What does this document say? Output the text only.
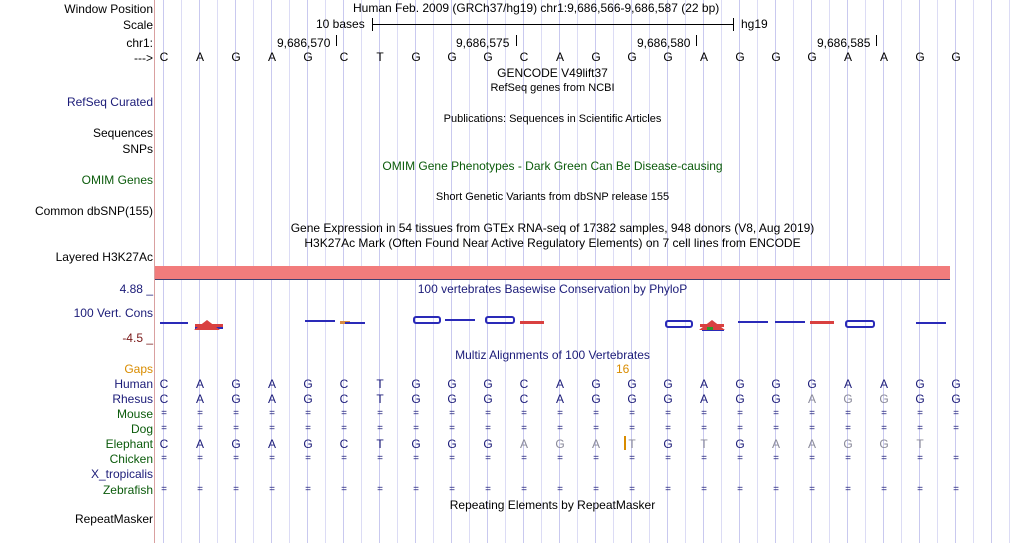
Window Position	Human Feb. 2009 (GRCh37/hg19) chr1:9,686,566-9,686,587 (22 bp)
Scale	10 bases	hg19
chr1:	9,686,570	9,686,575	9,686,580	9,686,585
---> C	A	G	A	G	C	T	G	G	G	C	A	G	G	G	A	G	G	G	A	A	G	G
GENCODE V49lift37
RefSeq genes from NCBI
RefSeq Curated
Publications: Sequences in Scientific Articles
Sequences
SNPs
OMIM Gene Phenotypes - Dark Green Can Be Disease-causing
OMIM Genes
Short Genetic Variants from dbSNP release 155
Common dbSNP(155)
Gene Expression in 54 tissues from GTEx RNA-seq of 17382 samples, 948 donors (V8, Aug 2019)
H3K27Ac Mark (Often Found Near Active Regulatory Elements) on 7 cell lines from ENCODE
Layered H3K27Ac
4.88 _	100 vertebrates Basewise Conservation by PhyloP
100 Vert. Cons
-4.5 _
Multiz Alignments of 100 Vertebrates
Gaps	16
Human C	A	G	A	G	C	T	G	G	G	C	A	G	G	G	A	G	G	G	A	A	G	G
Rhesus C	A	G	A	G	C	T	G	G	G	C	A	G	G	G	A	G	G	A	G	G	G	G
Mouse =	=	=	=	=	=	=	=	=	=	=	=	=	=	=	=	=	=	=	=	=	=	=
Dog =	=	=	=	=	=	=	=	=	=	=	=	=	=	=	=	=	=	=	=	=	=	=
Elephant C	A	G	A	G	C	T	G	G	G	A	G	A	T	G	T	G	A	A	G	G	T
Chicken =	=	=	=	=	=	=	=	=	=	=	=	=	=	=	=	=	=	=	=	=	=	=
X_tropicalis
Zebrafish =	=	=	=	=	=	=	=	=	=	=	=	=	=	=	=	=	=	=	=	=	=	=
Repeating Elements by RepeatMasker
RepeatMasker
